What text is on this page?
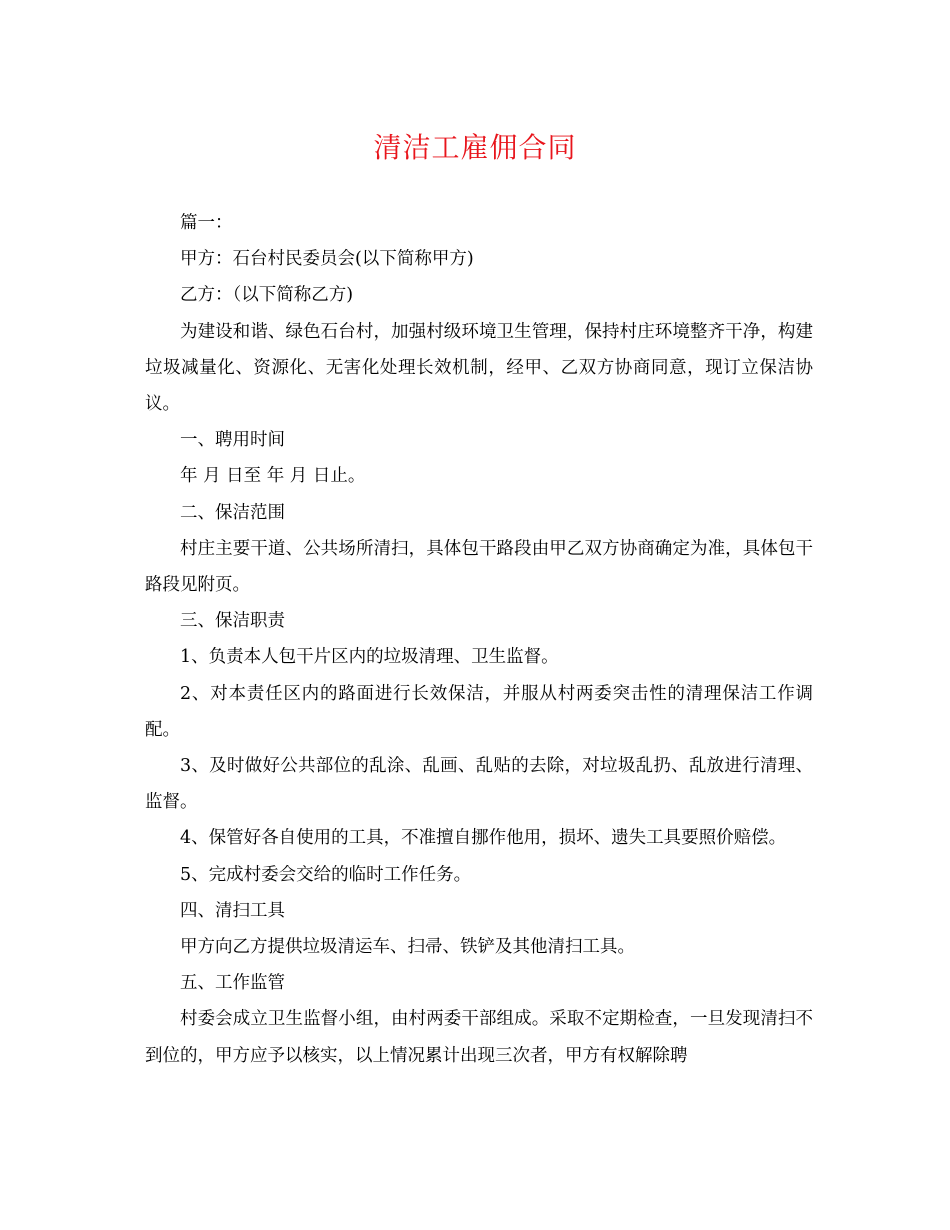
清洁工雇佣合同

篇一：

甲方：石台村民委员会(以下简称甲方)

乙方：（以下简称乙方)

为建设和谐、绿色石台村，加强村级环境卫生管理，保持村庄环境整齐干净，构建垃圾减量化、资源化、无害化处理长效机制，经甲、乙双方协商同意，现订立保洁协议。

一、聘用时间

年 月 日至 年 月 日止。

二、保洁范围

村庄主要干道、公共场所清扫，具体包干路段由甲乙双方协商确定为准，具体包干路段见附页。

三、保洁职责

1、负责本人包干片区内的垃圾清理、卫生监督。

2、对本责任区内的路面进行长效保洁，并服从村两委突击性的清理保洁工作调配。

3、及时做好公共部位的乱涂、乱画、乱贴的去除，对垃圾乱扔、乱放进行清理、监督。

4、保管好各自使用的工具，不准擅自挪作他用，损坏、遗失工具要照价赔偿。

5、完成村委会交给的临时工作任务。

四、清扫工具

甲方向乙方提供垃圾清运车、扫帚、铁铲及其他清扫工具。

五、工作监管

村委会成立卫生监督小组，由村两委干部组成。采取不定期检查，一旦发现清扫不到位的，甲方应予以核实，以上情况累计出现三次者，甲方有权解除聘
